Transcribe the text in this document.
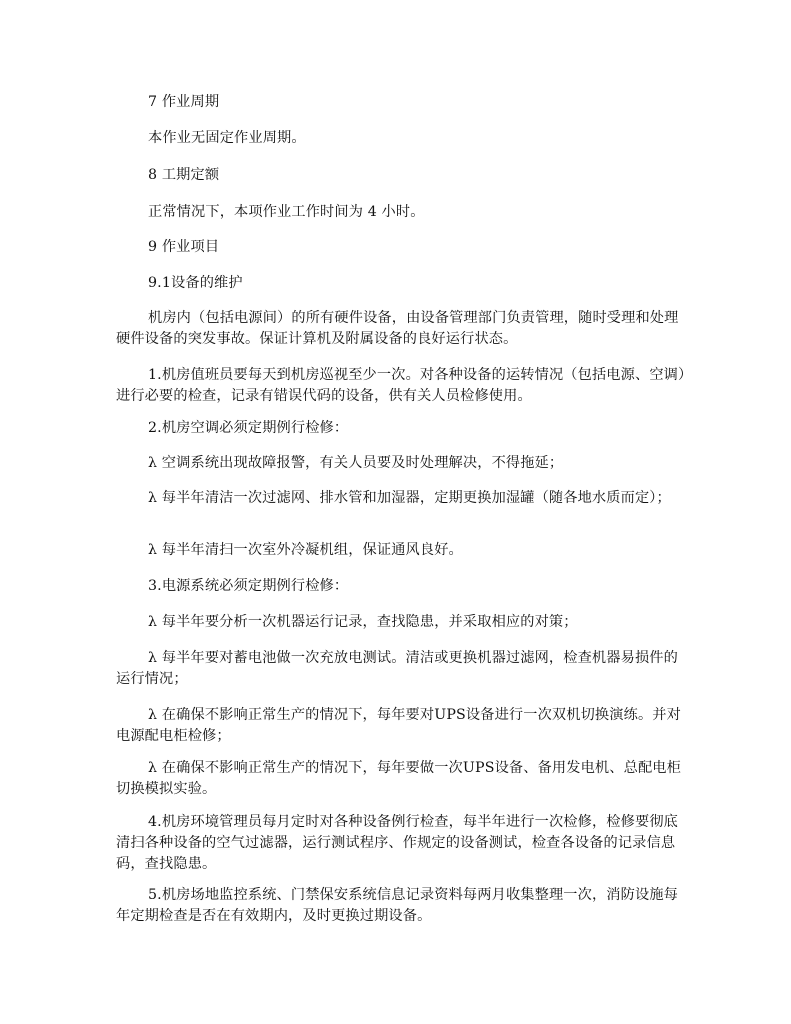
7 作业周期

本作业无固定作业周期。

8 工期定额

正常情况下，本项作业工作时间为 4 小时。

9 作业项目

9.1设备的维护

机房内（包括电源间）的所有硬件设备，由设备管理部门负责管理，随时受理和处理硬件设备的突发事故。保证计算机及附属设备的良好运行状态。

1.机房值班员要每天到机房巡视至少一次。对各种设备的运转情况（包括电源、空调）进行必要的检查，记录有错误代码的设备，供有关人员检修使用。

2.机房空调必须定期例行检修：

λ 空调系统出现故障报警，有关人员要及时处理解决，不得拖延；

λ 每半年清洁一次过滤网、排水管和加湿器，定期更换加湿罐（随各地水质而定）；

λ 每半年清扫一次室外冷凝机组，保证通风良好。

3.电源系统必须定期例行检修：

λ 每半年要分析一次机器运行记录，查找隐患，并采取相应的对策；

λ 每半年要对蓄电池做一次充放电测试。清洁或更换机器过滤网，检查机器易损件的运行情况；

λ 在确保不影响正常生产的情况下，每年要对UPS设备进行一次双机切换演练。并对电源配电柜检修；

λ 在确保不影响正常生产的情况下，每年要做一次UPS设备、备用发电机、总配电柜切换模拟实验。

4.机房环境管理员每月定时对各种设备例行检查，每半年进行一次检修，检修要彻底清扫各种设备的空气过滤器，运行测试程序、作规定的设备测试，检查各设备的记录信息码，查找隐患。

5.机房场地监控系统、门禁保安系统信息记录资料每两月收集整理一次，消防设施每年定期检查是否在有效期内，及时更换过期设备。
